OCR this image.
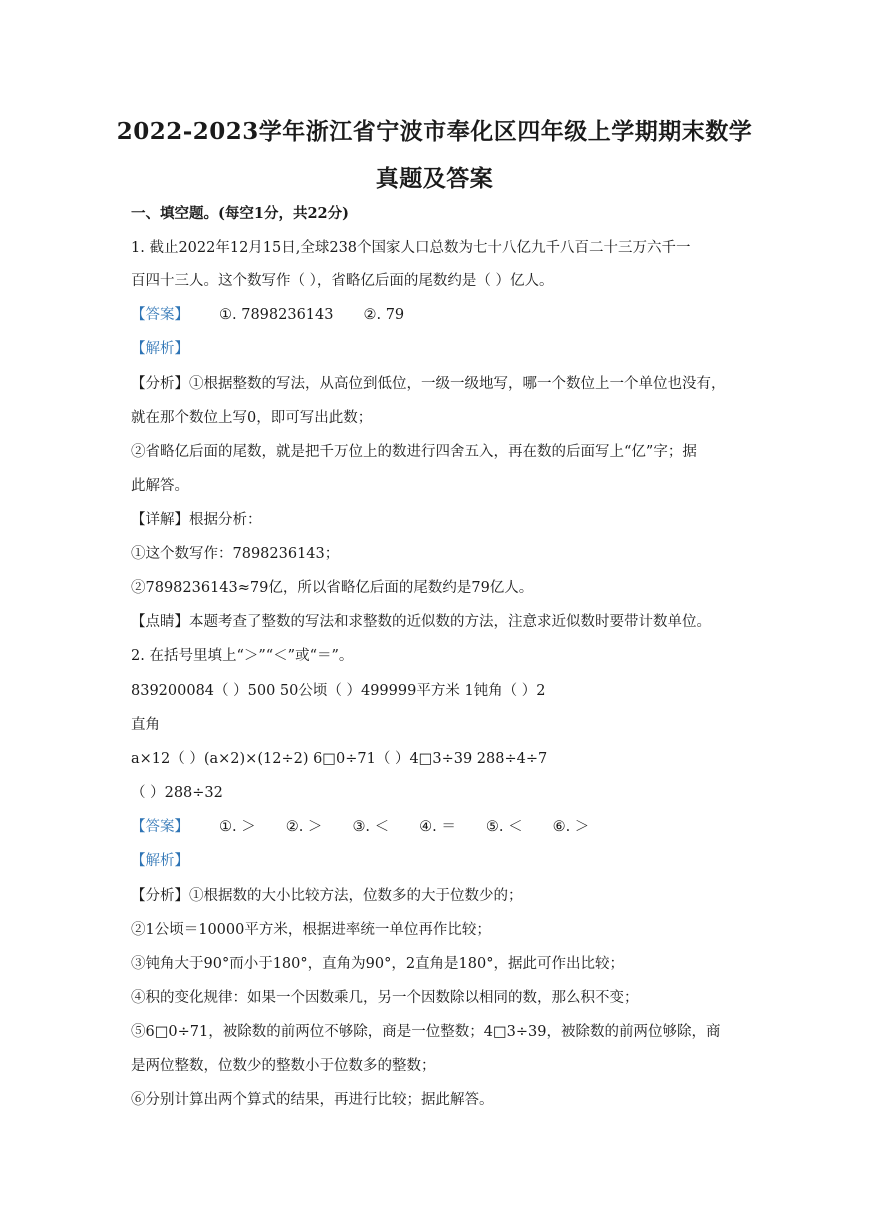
2022-2023学年浙江省宁波市奉化区四年级上学期期末数学
真题及答案
一、填空题。(每空1分，共22分)
1. 截止2022年12月15日,全球238个国家人口总数为七十八亿九千八百二十三万六千一
百四十三人。这个数写作（ ），省略亿后面的尾数约是（ ）亿人。
【答案】 ①. 7898236143 ②. 79
【解析】
【分析】①根据整数的写法，从高位到低位，一级一级地写，哪一个数位上一个单位也没有，
就在那个数位上写0，即可写出此数；
②省略亿后面的尾数，就是把千万位上的数进行四舍五入，再在数的后面写上“亿”字；据
此解答。
【详解】根据分析：
①这个数写作：7898236143；
②7898236143≈79亿，所以省略亿后面的尾数约是79亿人。
【点睛】本题考查了整数的写法和求整数的近似数的方法，注意求近似数时要带计数单位。
2. 在括号里填上“＞”“＜”或“＝”。
839200084（ ）500 50公顷（ ）499999平方米 1钝角（ ）2
直角
a×12（ ）(a×2)×(12÷2) 6□0÷71（ ）4□3÷39 288÷4÷7
（ ）288÷32
【答案】 ①. ＞ ②. ＞ ③. ＜ ④. ＝ ⑤. ＜ ⑥. ＞
【解析】
【分析】①根据数的大小比较方法，位数多的大于位数少的；
②1公顷＝10000平方米，根据进率统一单位再作比较；
③钝角大于90°而小于180°，直角为90°，2直角是180°，据此可作出比较；
④积的变化规律：如果一个因数乘几，另一个因数除以相同的数，那么积不变；
⑤6□0÷71，被除数的前两位不够除，商是一位整数；4□3÷39，被除数的前两位够除，商
是两位整数，位数少的整数小于位数多的整数；
⑥分别计算出两个算式的结果，再进行比较；据此解答。
